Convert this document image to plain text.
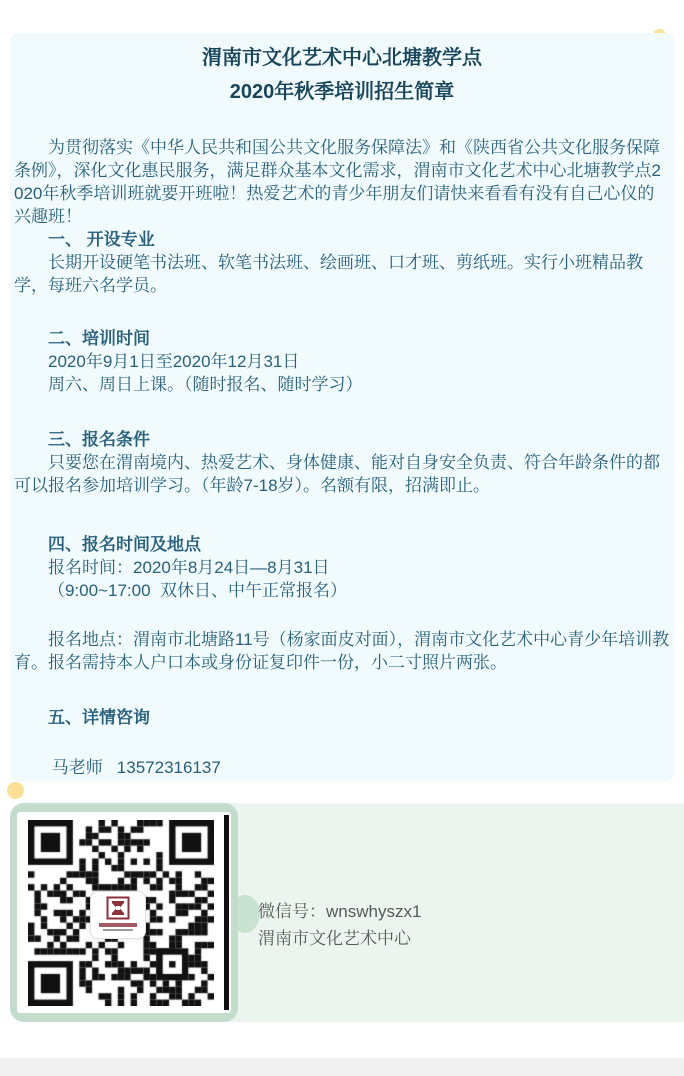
渭南市文化艺术中心北塘教学点
2020年秋季培训招生简章

为贯彻落实《中华人民共和国公共文化服务保障法》和《陕西省公共文化服务保障条例》，深化文化惠民服务，满足群众基本文化需求，渭南市文化艺术中心北塘教学点2020年秋季培训班就要开班啦！热爱艺术的青少年朋友们请快来看看有没有自己心仪的兴趣班！

一、 开设专业

长期开设硬笔书法班、软笔书法班、绘画班、口才班、剪纸班。实行小班精品教学，每班六名学员。

二、培训时间

2020年9月1日至2020年12月31日

周六、周日上课。（随时报名、随时学习）

三、报名条件

只要您在渭南境内、热爱艺术、身体健康、能对自身安全负责、符合年龄条件的都可以报名参加培训学习。（年龄7-18岁）。名额有限，招满即止。

四、报名时间及地点

报名时间：2020年8月24日—8月31日

（9:00~17:00  双休日、中午正常报名）

报名地点：渭南市北塘路11号（杨家面皮对面），渭南市文化艺术中心青少年培训教育。报名需持本人户口本或身份证复印件一份，小二寸照片两张。

五、详情咨询

马老师 13572316137

微信号：wnswhyszx1
渭南市文化艺术中心
